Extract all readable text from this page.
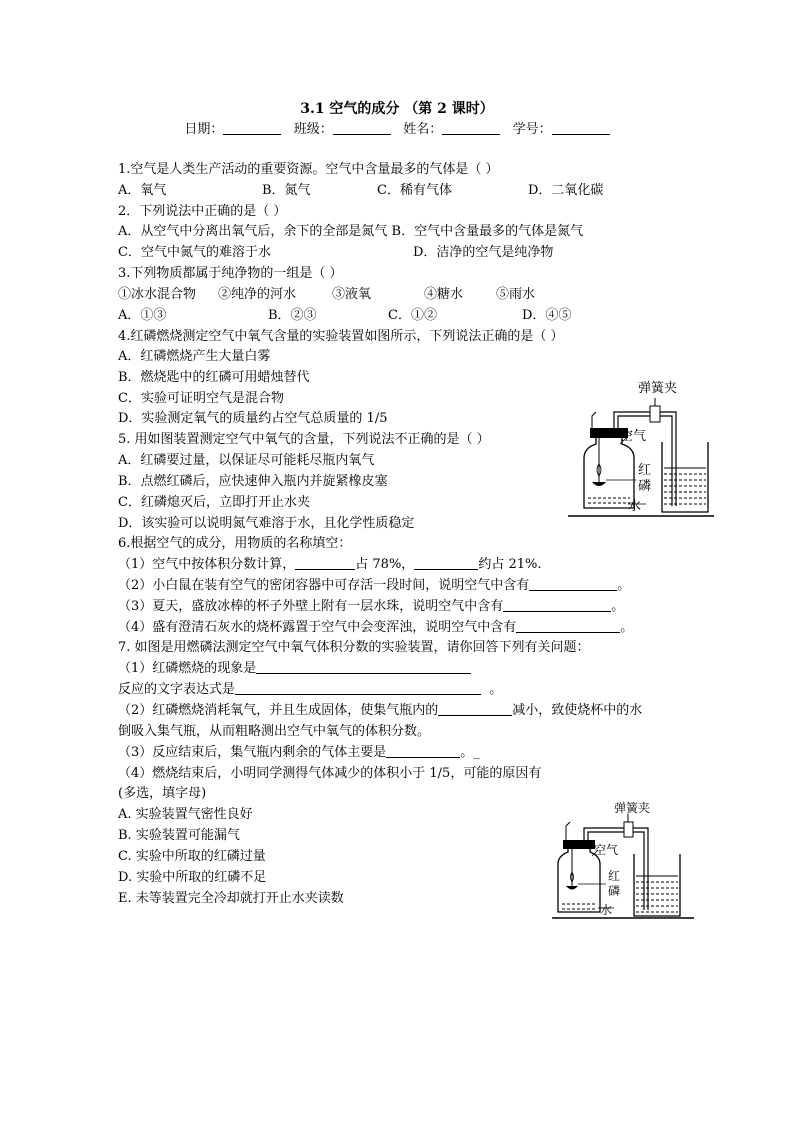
3.1 空气的成分 （第 2 课时）
日期：	班级：	姓名：	学号：
1.空气是人类生产活动的重要资源。空气中含量最多的气体是（ ）
A．氧气	B．氮气	C．稀有气体	D．二氧化碳
2．下列说法中正确的是（ ）
A．从空气中分离出氧气后，余下的全部是氮气 B．空气中含量最多的气体是氮气
C．空气中氮气的难溶于水	D．洁净的空气是纯净物
3.下列物质都属于纯净物的一组是（ ）
①冰水混合物 ②纯净的河水	③液氧	④糖水	⑤雨水
A．①③	B．②③	C．①②	D．④⑤
4.红磷燃烧测定空气中氧气含量的实验装置如图所示，下列说法正确的是（ ）
A．红磷燃烧产生大量白雾
B．燃烧匙中的红磷可用蜡烛替代
C．实验可证明空气是混合物
D．实验测定氧气的质量约占空气总质量的 1/5
5. 用如图装置测定空气中氧气的含量，下列说法不正确的是（ ）
A．红磷要过量，以保证尽可能耗尽瓶内氧气
B．点燃红磷后，应快速伸入瓶内并旋紧橡皮塞
C．红磷熄灭后，立即打开止水夹
D．该实验可以说明氮气难溶于水，且化学性质稳定
6.根据空气的成分，用物质的名称填空：
（1）空气中按体积分数计算，	占 78%，	约占 21%.
（2）小白鼠在装有空气的密闭容器中可存活一段时间，说明空气中含有	。
（3）夏天，盛放冰棒的杯子外壁上附有一层水珠，说明空气中含有	。
（4）盛有澄清石灰水的烧杯露置于空气中会变浑浊，说明空气中含有	。
7. 如图是用燃磷法测定空气中氧气体积分数的实验装置，请你回答下列有关问题：
（1）红磷燃烧的现象是
反应的文字表达式是	。
（2）红磷燃烧消耗氧气，并且生成固体，使集气瓶内的	减小，致使烧杯中的水
倒吸入集气瓶，从而粗略测出空气中氧气的体积分数。
（3）反应结束后，集气瓶内剩余的气体主要是	。_
（4）燃烧结束后，小明同学测得气体减少的体积小于 1/5，可能的原因有
(多选，填字母)
A. 实验装置气密性良好
B. 实验装置可能漏气
C. 实验中所取的红磷过量
D. 实验中所取的红磷不足
E. 未等装置完全冷却就打开止水夹读数
弹簧夹
空气
红
磷
水
弹簧夹
空气
红
磷
水
